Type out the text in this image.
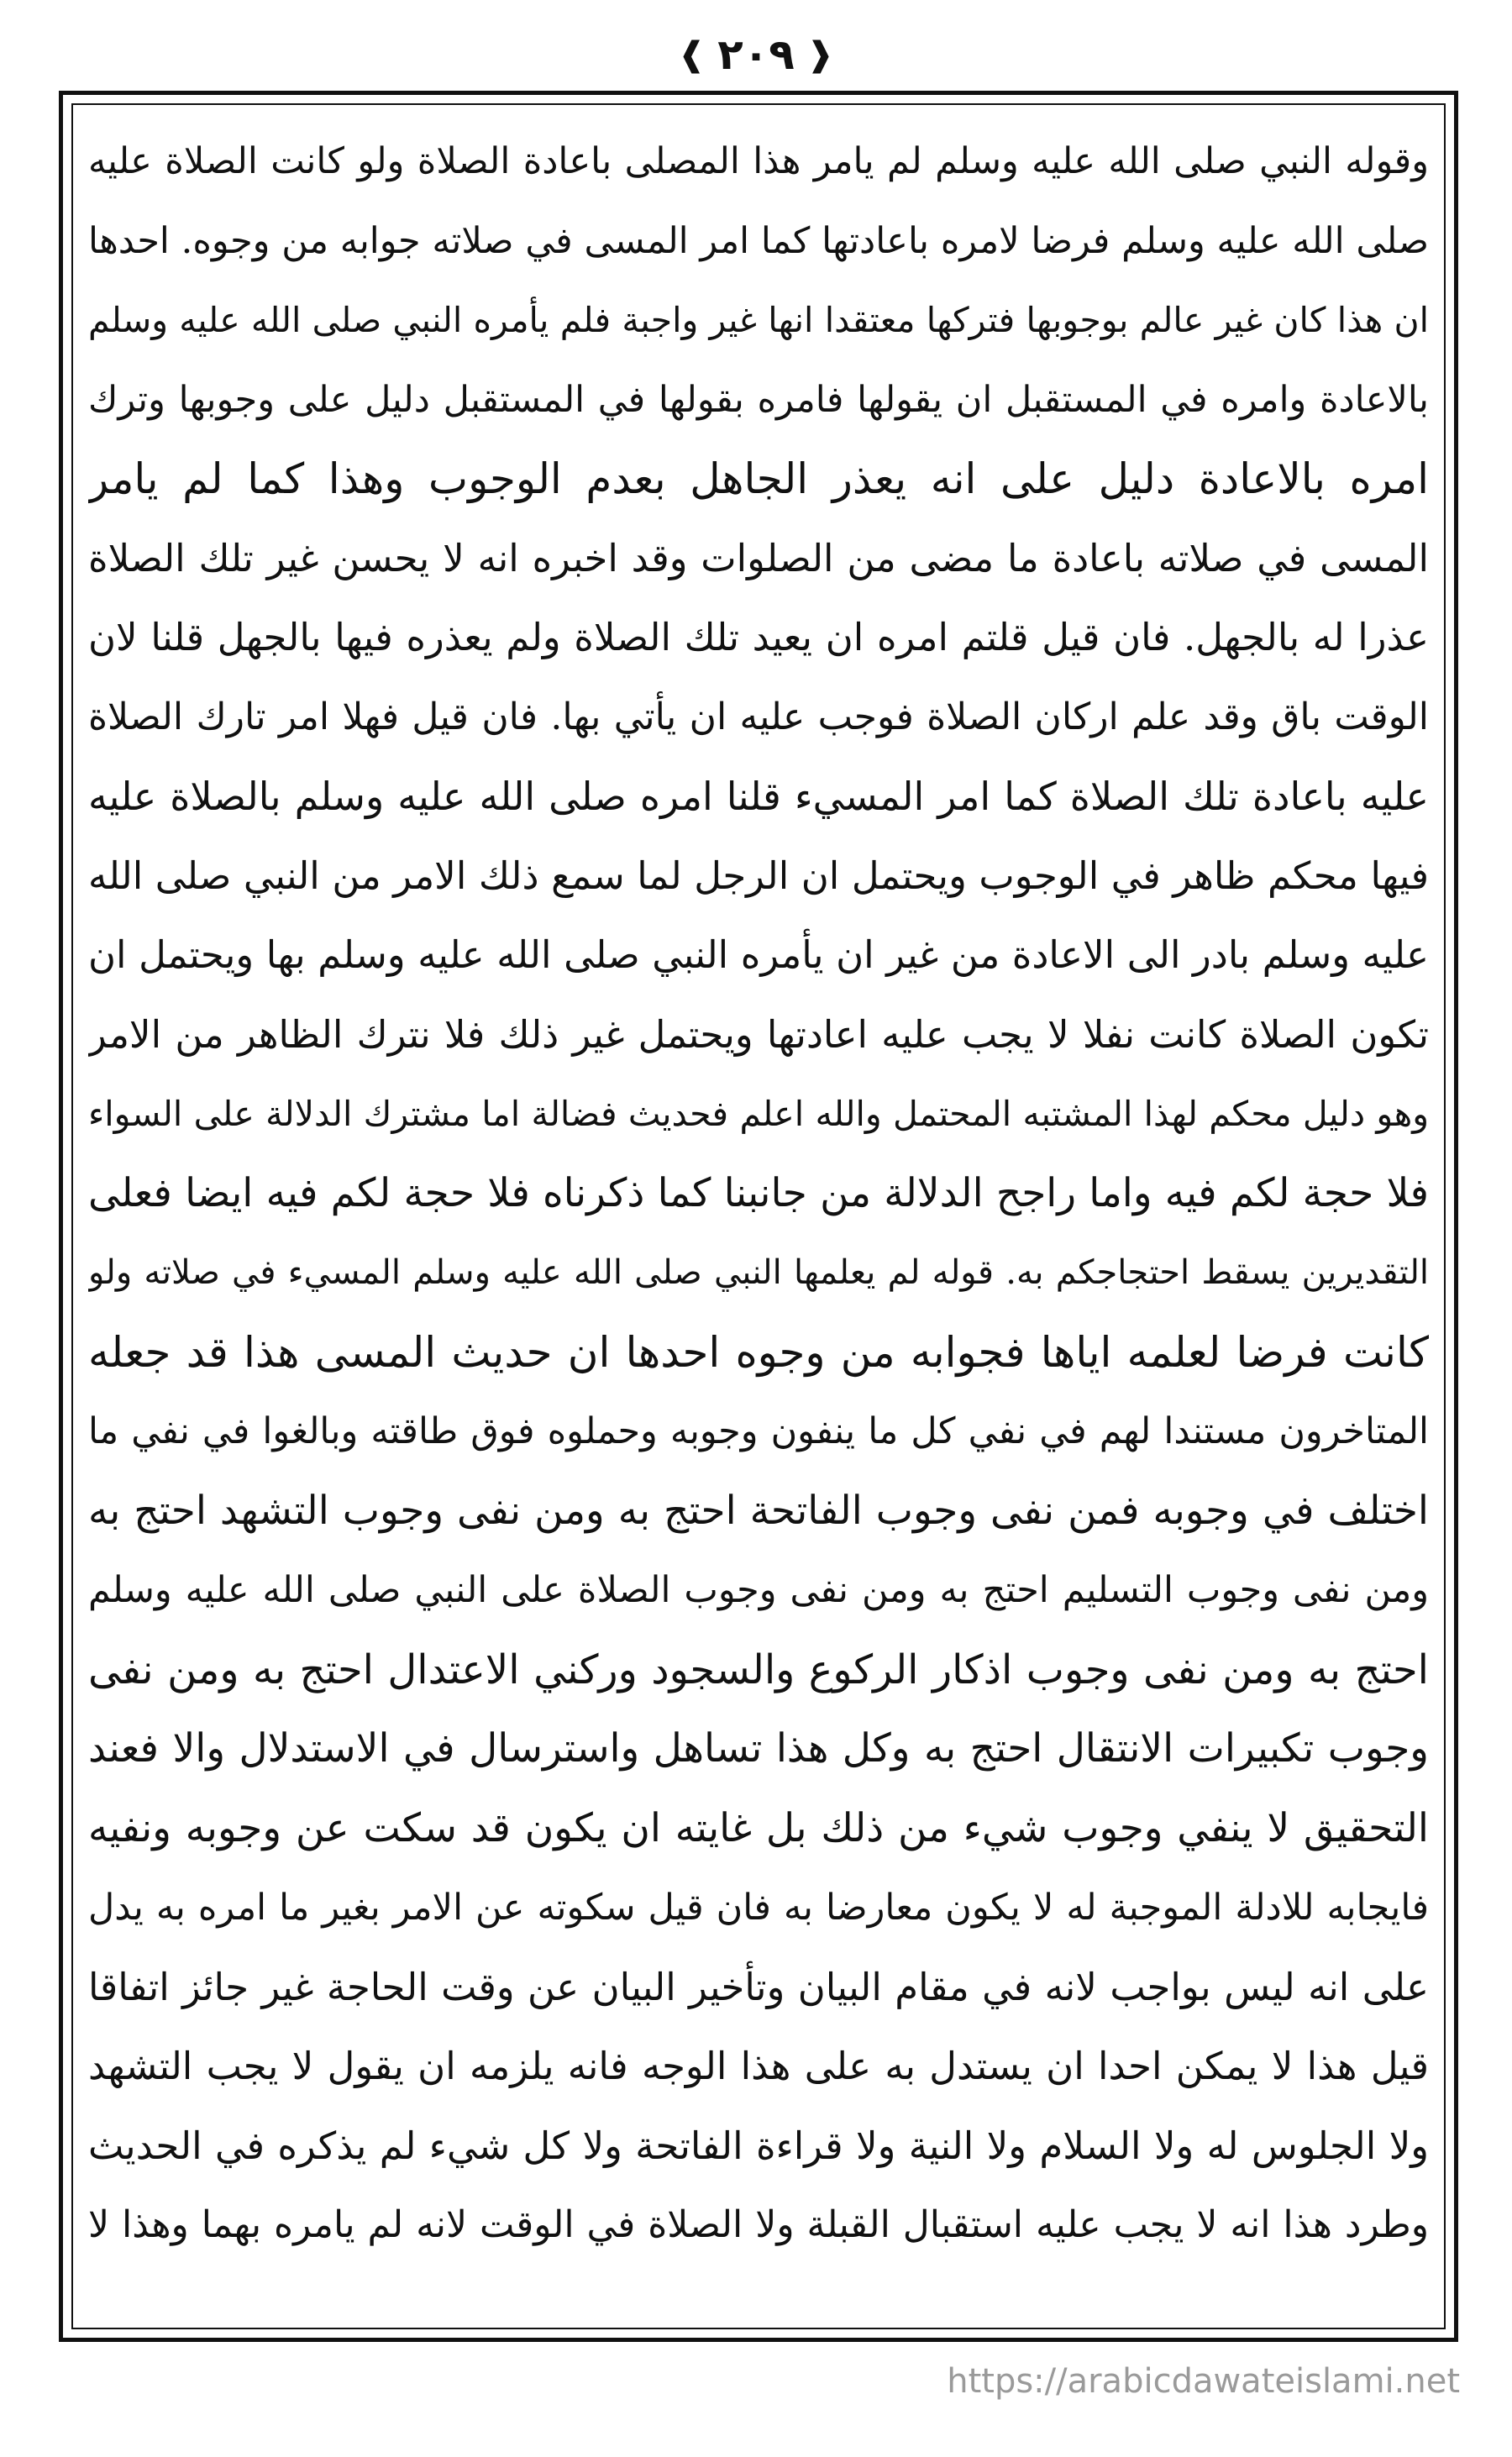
❰ ٢٠٩ ❱
وقوله النبي صلى الله عليه وسلم لم يامر هذا المصلى باعادة الصلاة ولو كانت الصلاة عليه
صلى الله عليه وسلم فرضا لامره باعادتها كما امر المسى في صلاته جوابه من وجوه. احدها
ان هذا كان غير عالم بوجوبها فتركها معتقدا انها غير واجبة فلم يأمره النبي صلى الله عليه وسلم
بالاعادة وامره في المستقبل ان يقولها فامره بقولها في المستقبل دليل على وجوبها وترك
امره بالاعادة دليل على انه يعذر الجاهل بعدم الوجوب وهذا كما لم يامر
المسى في صلاته باعادة ما مضى من الصلوات وقد اخبره انه لا يحسن غير تلك الصلاة
عذرا له بالجهل. فان قيل قلتم امره ان يعيد تلك الصلاة ولم يعذره فيها بالجهل قلنا لان
الوقت باق وقد علم اركان الصلاة فوجب عليه ان يأتي بها. فان قيل فهلا امر تارك الصلاة
عليه باعادة تلك الصلاة كما امر المسيء قلنا امره صلى الله عليه وسلم بالصلاة عليه
فيها محكم ظاهر في الوجوب ويحتمل ان الرجل لما سمع ذلك الامر من النبي صلى الله
عليه وسلم بادر الى الاعادة من غير ان يأمره النبي صلى الله عليه وسلم بها ويحتمل ان
تكون الصلاة كانت نفلا لا يجب عليه اعادتها ويحتمل غير ذلك فلا نترك الظاهر من الامر
وهو دليل محكم لهذا المشتبه المحتمل والله اعلم فحديث فضالة اما مشترك الدلالة على السواء
فلا حجة لكم فيه واما راجح الدلالة من جانبنا كما ذكرناه فلا حجة لكم فيه ايضا فعلى
التقديرين يسقط احتجاجكم به. قوله لم يعلمها النبي صلى الله عليه وسلم المسيء في صلاته ولو
كانت فرضا لعلمه اياها فجوابه من وجوه احدها ان حديث المسى هذا قد جعله
المتاخرون مستندا لهم في نفي كل ما ينفون وجوبه وحملوه فوق طاقته وبالغوا في نفي ما
اختلف في وجوبه فمن نفى وجوب الفاتحة احتج به ومن نفى وجوب التشهد احتج به
ومن نفى وجوب التسليم احتج به ومن نفى وجوب الصلاة على النبي صلى الله عليه وسلم
احتج به ومن نفى وجوب اذكار الركوع والسجود وركني الاعتدال احتج به ومن نفى
وجوب تكبيرات الانتقال احتج به وكل هذا تساهل واسترسال في الاستدلال والا فعند
التحقيق لا ينفي وجوب شيء من ذلك بل غايته ان يكون قد سكت عن وجوبه ونفيه
فايجابه للادلة الموجبة له لا يكون معارضا به فان قيل سكوته عن الامر بغير ما امره به يدل
على انه ليس بواجب لانه في مقام البيان وتأخير البيان عن وقت الحاجة غير جائز اتفاقا
قيل هذا لا يمكن احدا ان يستدل به على هذا الوجه فانه يلزمه ان يقول لا يجب التشهد
ولا الجلوس له ولا السلام ولا النية ولا قراءة الفاتحة ولا كل شيء لم يذكره في الحديث
وطرد هذا انه لا يجب عليه استقبال القبلة ولا الصلاة في الوقت لانه لم يامره بهما وهذا لا
https://arabicdawateislami.net
